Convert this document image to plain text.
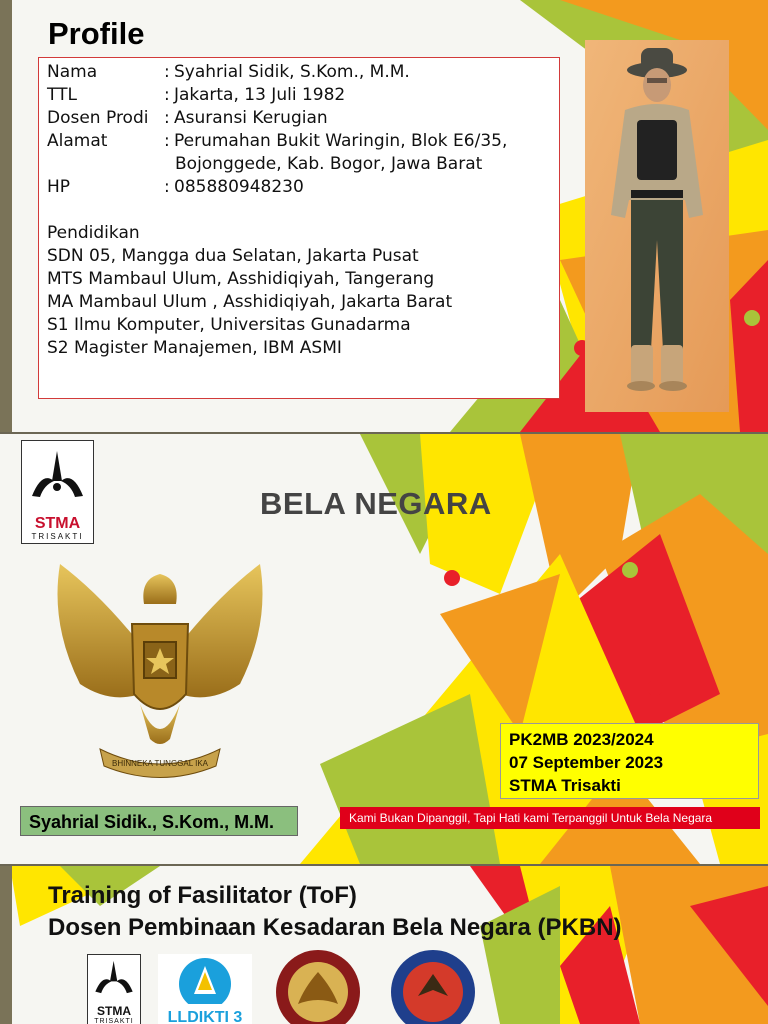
Profile
Nama	: Syahrial Sidik, S.Kom., M.M.
TTL	: Jakarta, 13 Juli 1982
Dosen Prodi : Asuransi Kerugian
Alamat	: Perumahan Bukit Waringin, Blok E6/35,
Bojonggede, Kab. Bogor, Jawa Barat
HP	: 085880948230
Pendidikan
SDN 05, Mangga dua Selatan, Jakarta Pusat
MTS Mambaul Ulum, Asshidiqiyah, Tangerang
MA Mambaul Ulum , Asshidiqiyah, Jakarta Barat
S1 Ilmu Komputer, Universitas Gunadarma
S2 Magister Manajemen, IBM ASMI
STMA
TRISAKTI
BELA NEGARA
BHINNEKA TUNGGAL IKA
PK2MB 2023/2024
07 September 2023
STMA Trisakti
Syahrial Sidik., S.Kom., M.M.	Kami Bukan Dipanggil, Tapi Hati kami Terpanggil Untuk Bela Negara
Training of Fasilitator (ToF)
Dosen Pembinaan Kesadaran Bela Negara (PKBN)
STMA
TRISAKTI	LLDIKTI 3
